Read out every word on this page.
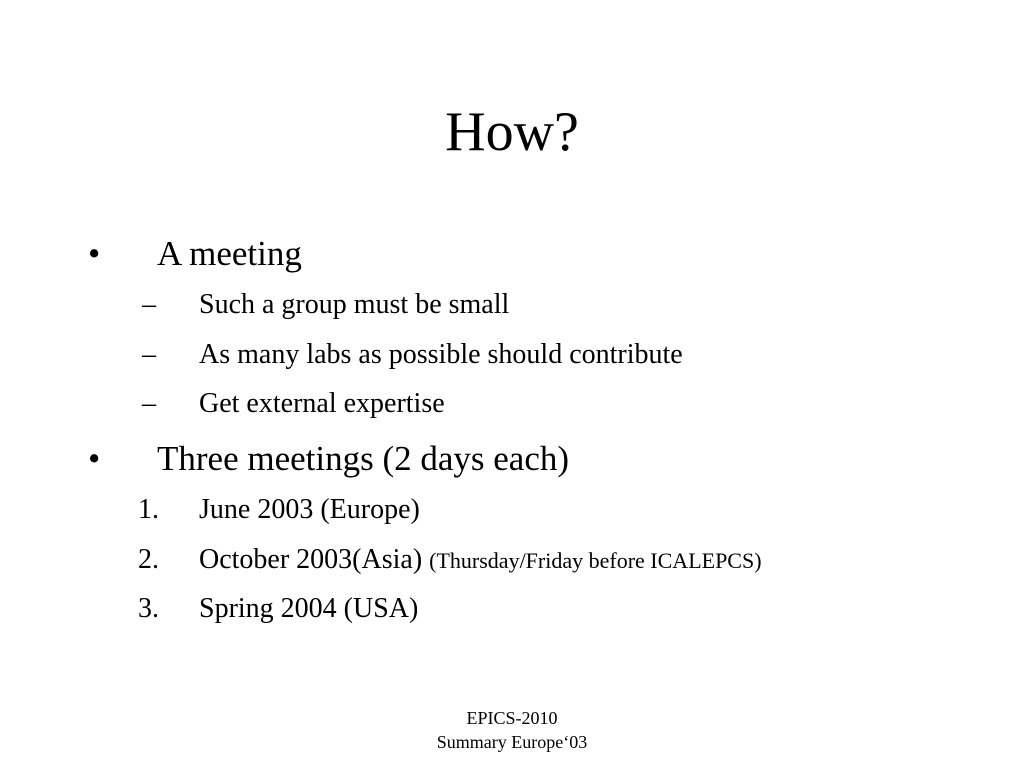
How?
• A meeting
– Such a group must be small
– As many labs as possible should contribute
– Get external expertise
• Three meetings (2 days each)
1. June 2003 (Europe)
2. October 2003(Asia) (Thursday/Friday before ICALEPCS)
3. Spring 2004 (USA)
EPICS-2010
Summary Europe‘03
